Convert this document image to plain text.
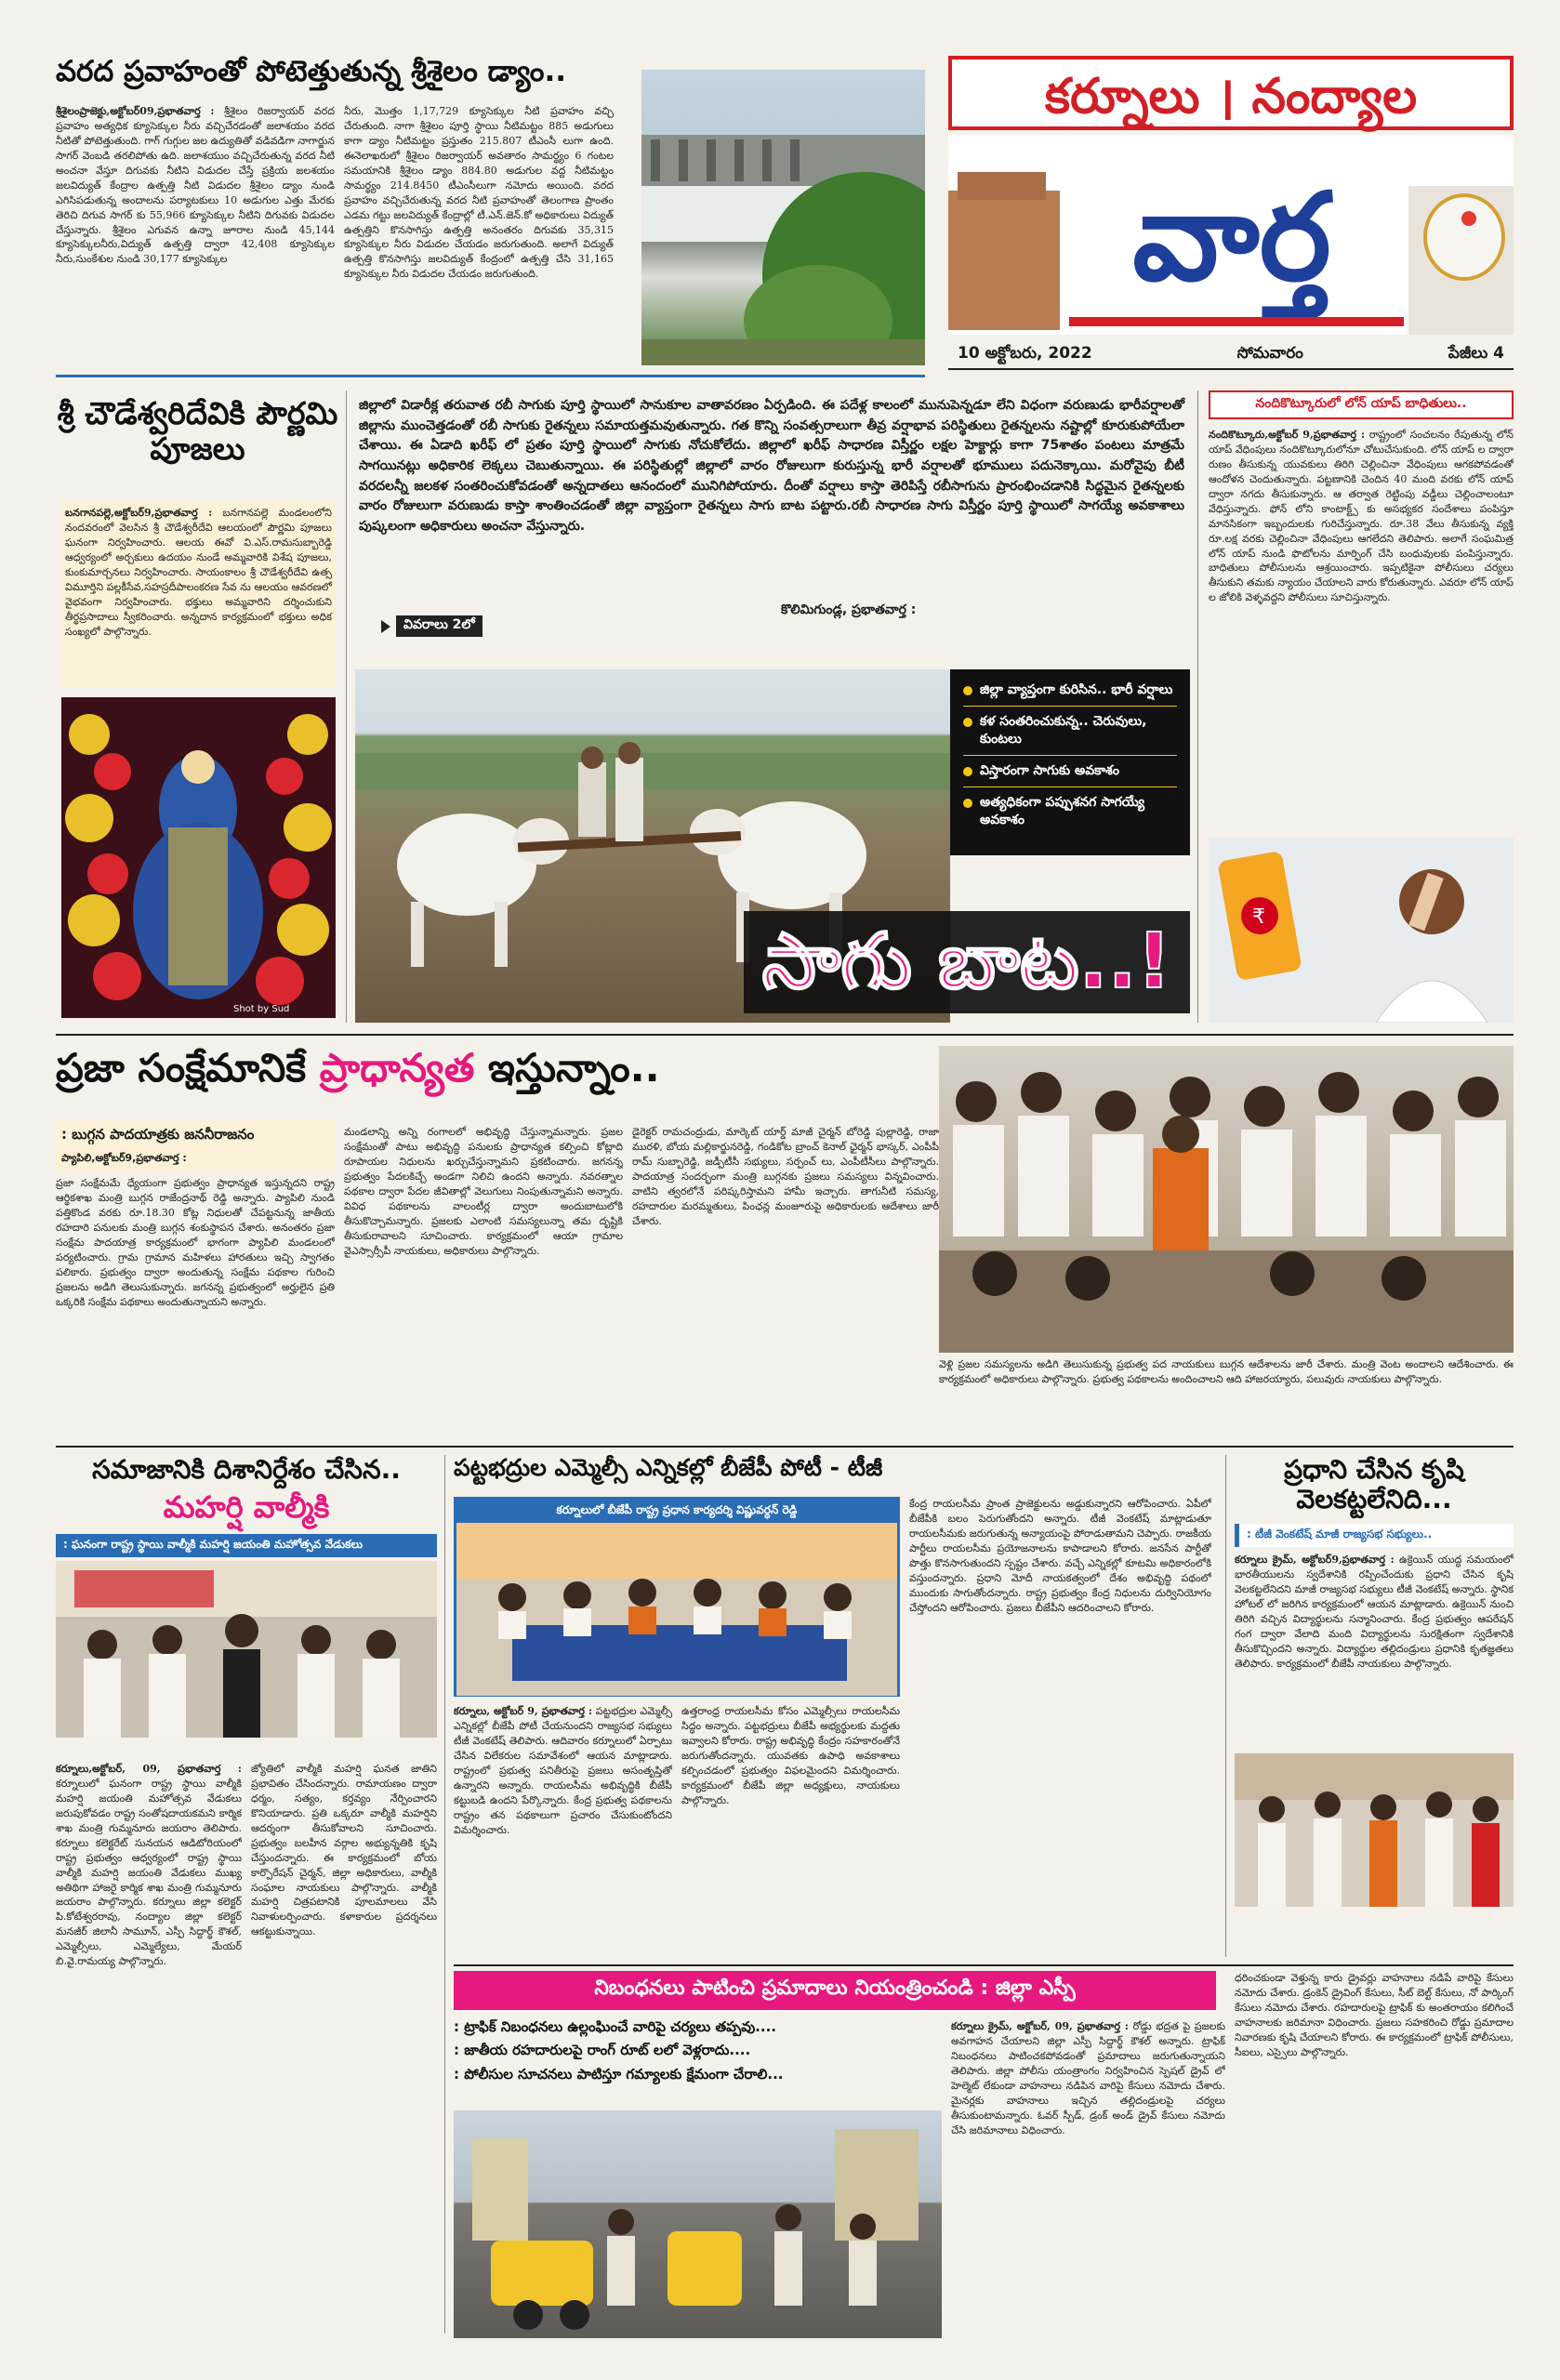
వరద ప్రవాహంతో పోటెత్తుతున్న శ్రీశైలం డ్యాం..
శ్రీశైలంప్రాజెక్టు,అక్టోబర్09,ప్రభాతవార్త : శ్రీశైలం రిజర్వాయర్ వరద ప్రవాహం అత్యధిక క్యూసెక్కుల నీరు వచ్చిచేరడంతో జలాశయం వరద నీటితో పోటెత్తుతుంది. గాగ్ గుగ్గుల జల ఉద్యుతితో వడివడిగా నాగార్జున సాగర్ వెంబడి తరలిపోతు ఉది. జలాశయుం వచ్చిచేరుతున్న వరద నీటి అంచనా వేస్తూ దిగువకు నీటిని విడుదల చేస్తే ప్రక్రియ జలశయం జలవిద్యుత్ కేంద్రాల ఉత్పత్తి నీటి విడుదల శ్రీశైలం డ్యాం నుండి ఎగిసిపడుతున్న అందాలను పర్యాటకులు 10 అడుగుల ఎత్తు మేరకు తెరిచి దిగువ సాగర్ కు 55,966 క్యూసెక్కుల నీటిని దిగువకు విడుదల చేస్తున్నారు. శ్రీశైలం ఎగువన ఉన్నా జూరాల నుండి 45,144 క్యూసెక్కులనీరు,విద్యుత్ ఉత్పత్తి ద్వారా 42,408 క్యూసెక్కుల నీరు,సుంకేశుల నుండి 30,177 క్యూసెక్కుల
నీరు, మొత్తం 1,17,729 క్యూసెక్కుల నీటి ప్రవాహం వచ్చి చేరుతుంది. నాగా శ్రీశైలం పూర్తి స్థాయి నీటిమట్టం 885 అడుగులు కాగా డ్యాం నీటిమట్టం ప్రస్తుతం 215.807 టీఎంసీ లుగా ఉంది. ఈనెలాఖరులో శ్రీశైలం రిజర్వాయర్ అవతారం సామర్థ్యం 6 గంటల సమయానికి శ్రీశైలం డ్యాం 884.80 అడుగుల వద్ద నీటిమట్టం సామర్థ్యం 214.8450 టీఎంసీలుగా నమోదు అయింది. వరద ప్రవాహం వచ్చిచేరుతున్న వరద నీటి ప్రవాహంతో తెలంగాణ ప్రాంతం ఎడమ గట్టు జలవిద్యుత్ కేంద్రాల్లో టీ.ఎన్.జెన్.కో అధికారులు విద్యుత్ ఉత్పత్తిని కొనసాగిస్తు ఉత్పత్తి అనంతరం దిగువకు 35,315 క్యూసెక్కుల నీరు విడుదల చేయడం జరుగుతుంది. అలాగే విద్యుత్ ఉత్పత్తి కొనసాగిస్తు జలవిద్యుత్ కేంద్రంలో ఉత్పత్తి చేసి 31,165 క్యూసెక్కుల నీరు విడుదల చేయడం జరుగుతుంది.
కర్నూలు । నంద్యాల
వార్త
10 అక్టోబరు, 2022	సోమవారం	పేజీలు 4
శ్రీ చౌడేశ్వరిదేవికి పౌర్ణమి పూజలు
బనగానపల్లె,అక్టోబర్9,ప్రభాతవార్త : బనగానపల్లె మండలంలోని నందవరంలో వెలసిన శ్రీ చౌడేశ్వరీదేవి ఆలయంలో పౌర్ణమి పూజలు ఘనంగా నిర్వహించారు. ఆలయ ఈవో వి.ఎస్.రామసుబ్బారెడ్డి ఆధ్వర్యంలో అర్చకులు ఉదయం నుండే అమ్మవారికి విశేష పూజలు, కుంకుమార్చనలు నిర్వహించారు. సాయంకాలం శ్రీ చౌడేశ్వరీదేవి ఉత్స విమూర్తిని పల్లకీసేవ,సహస్రదీపాలంకరణ సేవ ను ఆలయం ఆవరణలో వైభవంగా నిర్వహించారు. భక్తులు అమ్మవారిని దర్శించుకుని తీర్థప్రసాదాలు స్వీకరించారు. అన్నదాన కార్యక్రమంలో భక్తులు అధిక సంఖ్యలో పాల్గొన్నారు.
Shot by Sud
జిల్లాలో విడారీక్ల తరువాత రబీ సాగుకు పూర్తి స్థాయిలో సానుకూల వాతావరణం ఏర్పడింది. ఈ పదేళ్ల కాలంలో మునుపెన్నడూ లేని విధంగా వరుణుడు భారీవర్షాలతో జిల్లాను ముంచెత్తడంతో రబీ సాగుకు రైతన్నలు సమాయత్తమవుతున్నారు. గత కొన్ని సంవత్సరాలుగా తీవ్ర వర్షాభావ పరిస్థితులు రైతన్నలను నష్టాల్లో కూరుకుపోయేలా చేశాయి. ఈ ఏడాది ఖరీఫ్ లో ప్రతం పూర్తి స్థాయిలో సాగుకు నోచుకోలేదు. జిల్లాలో ఖరీఫ్ సాధారణ విస్తీర్ణం లక్షల హెక్టార్లు కాగా 75శాతం పంటలు మాత్రమే సాగయినట్లు అధికారిక లెక్కలు చెబుతున్నాయి. ఈ పరిస్థితుల్లో జిల్లాలో వారం రోజులుగా కురుస్తున్న భారీ వర్షాలతో భూములు పదునెక్కాయి. మరోవైపు బీటీ వరదలన్నీ జలకళ సంతరించుకోవడంతో అన్నదాతలు ఆనందంలో మునిగిపోయారు. దీంతో వర్షాలు కాస్తా తెరిపిస్తే రబీసాగును ప్రారంభించడానికి సిద్ధమైన రైతన్నలకు వారం రోజులుగా వరుణుడు కాస్తా శాంతించడంతో జిల్లా వ్యాప్తంగా రైతన్నలు సాగు బాట పట్టారు.రబీ సాధారణ సాగు విస్తీర్ణం పూర్తి స్థాయిలో సాగయ్యే అవకాశాలు పుష్కలంగా అధికారులు అంచనా వేస్తున్నారు.
వివరాలు 2లో
కొలిమిగుండ్ల, ప్రభాతవార్త :
జిల్లా వ్యాప్తంగా కురిసిన.. భారీ వర్షాలు
కళ సంతరించుకున్న.. చెరువులు, కుంటలు
విస్తారంగా సాగుకు అవకాశం
అత్యధికంగా పప్పుశనగ సాగయ్యే అవకాశం
సాగు బాట..!
నందికొట్కూరులో లోన్ యాప్ బాధితులు..
నందికొట్కూరు,అక్టోబర్ 9,ప్రభాతవార్త : రాష్ట్రంలో సంచలనం రేపుతున్న లోన్ యాప్ వేధింపులు నందికొట్కూరులోనూ చోటుచేసుకుంది. లోన్ యాప్ ల ద్వారా రుణం తీసుకున్న యువకులు తిరిగి చెల్లించినా వేధింపులు ఆగకపోవడంతో ఆందోళన చెందుతున్నారు. పట్టణానికి చెందిన 40 మంది వరకు లోన్ యాప్ ద్వారా నగదు తీసుకున్నారు. ఆ తర్వాత రెట్టింపు వడ్డీలు చెల్లించాలంటూ వేధిస్తున్నారు. ఫోన్ లోని కాంటాక్ట్స్ కు అసభ్యకర సందేశాలు పంపిస్తూ మానసికంగా ఇబ్బందులకు గురిచేస్తున్నారు. రూ.38 వేలు తీసుకున్న వ్యక్తి రూ.లక్ష వరకు చెల్లించినా వేధింపులు ఆగలేదని తెలిపారు. అలాగే సంఘమిత్ర లోన్ యాప్ నుండి ఫొటోలను మార్ఫింగ్ చేసి బంధువులకు పంపిస్తున్నారు. బాధితులు పోలీసులను ఆశ్రయించారు. ఇప్పటికైనా పోలీసులు చర్యలు తీసుకుని తమకు న్యాయం చేయాలని వారు కోరుతున్నారు. ఎవరూ లోన్ యాప్ ల జోలికి వెళ్ళవద్దని పోలీసులు సూచిస్తున్నారు.
₹
ప్రజా సంక్షేమానికే ప్రాధాన్యత ఇస్తున్నాం..
: బుగ్గన పాదయాత్రకు జననీరాజనం
ప్యాపిలి,అక్టోబర్9,ప్రభాతవార్త :
ప్రజా సంక్షేమమే ధ్యేయంగా ప్రభుత్వం ప్రాధాన్యత ఇస్తున్నదని రాష్ట్ర ఆర్థికశాఖ మంత్రి బుగ్గన రాజేంద్రనాథ్ రెడ్డి అన్నారు. ప్యాపిలి నుండి పత్తికొండ వరకు రూ.18.30 కోట్ల నిధులతో చేపట్టనున్న జాతీయ రహదారి పనులకు మంత్రి బుగ్గన శంకుస్థాపన చేశారు. అనంతరం ప్రజా సంక్షేమ పాదయాత్ర కార్యక్రమంలో భాగంగా ప్యాపిలి మండలంలో పర్యటించారు. గ్రామ గ్రామాన మహిళలు హారతులు ఇచ్చి స్వాగతం పలికారు. ప్రభుత్వం ద్వారా అందుతున్న సంక్షేమ పథకాల గురించి ప్రజలను అడిగి తెలుసుకున్నారు. జగనన్న ప్రభుత్వంలో అర్హులైన ప్రతి ఒక్కరికి సంక్షేమ పథకాలు అందుతున్నాయని అన్నారు.
మండలాన్ని అన్ని రంగాలలో అభివృద్ధి చేస్తున్నామన్నారు. ప్రజల సంక్షేమంతో పాటు అభివృద్ధి పనులకు ప్రాధాన్యత కల్పించి కోట్లాది రూపాయల నిధులను ఖర్చుచేస్తున్నామని ప్రకటించారు. జగనన్న ప్రభుత్వం పేదలకిచ్చే అండగా నిలిచి ఉందని అన్నారు. నవరత్నాల పథకాల ద్వారా పేదల జీవితాల్లో వెలుగులు నింపుతున్నామని అన్నారు. వివిధ పథకాలను వాలంటీర్ల ద్వారా అందుబాటులోకి తీసుకొచ్చామన్నారు. ప్రజలకు ఎలాంటి సమస్యలున్నా తమ దృష్టికి తీసుకురావాలని సూచించారు. కార్యక్రమంలో ఆయా గ్రామాల వైఎస్సార్సీపీ నాయకులు, అధికారులు పాల్గొన్నారు.
డైరెక్టర్ రామచంద్రుడు, మార్కెట్ యార్డ్ మాజీ చైర్మన్ బోరెడ్డి పుల్లారెడ్డి, రాజా మురళి, బోయ మల్లికార్జునరెడ్డి, గండికోట బ్రాంచ్ కెనాల్ ఛైర్మన్ భాస్కర్, ఎంపీపీ రామ్ సుబ్బారెడ్డి, జడ్పీటీసీ సభ్యులు, సర్పంచ్ లు, ఎంపీటీసీలు పాల్గొన్నారు. పాదయాత్ర సందర్భంగా మంత్రి బుగ్గనకు ప్రజలు సమస్యలు విన్నవించారు. వాటిని త్వరలోనే పరిష్కరిస్తామని హామీ ఇచ్చారు. తాగునీటి సమస్య, రహదారుల మరమ్మతులు, పింఛన్ల మంజూరుపై అధికారులకు ఆదేశాలు జారీ చేశారు.
వెళ్లి ప్రజల సమస్యలను అడిగి తెలుసుకున్న ప్రభుత్వ పద నాయకులు బుగ్గన ఆదేశాలను జారీ చేశారు. మంత్రి వెంట అందాలని ఆదేశించారు. ఈ కార్యక్రమంలో అధికారులు పాల్గొన్నారు. ప్రభుత్వ పథకాలను అందించాలని ఆది హాజరయ్యారు, పలువురు నాయకులు పాల్గొన్నారు.
సమాజానికి దిశానిర్దేశం చేసిన..
మహర్షి వాల్మీకి
: ఘనంగా రాష్ట్ర స్థాయి వాల్మీకి మహర్షి జయంతి మహోత్సవ వేడుకలు
కర్నూలు,అక్టోబర్, 09, ప్రభాతవార్త : కర్నూలులో ఘనంగా రాష్ట్ర స్థాయి వాల్మీకి మహర్షి జయంతి మహోత్సవ వేడుకలు జరుపుకోవడం రాష్ట్ర సంతోషదాయకమని కార్మిక శాఖ మంత్రి గుమ్మనూరు జయరాం తెలిపారు. కర్నూలు కలెక్టరేట్ సునయన ఆడిటోరియంలో రాష్ట్ర ప్రభుత్వం ఆధ్వర్యంలో రాష్ట్ర స్థాయి వాల్మీకి మహర్షి జయంతి వేడుకలు ముఖ్య అతిథిగా హాజరై కార్మిక శాఖ మంత్రి గుమ్మనూరు జయరాం పాల్గొన్నారు. కర్నూలు జిల్లా కలెక్టర్ పి.కోటేశ్వరరావు, నంద్యాల జిల్లా కలెక్టర్ మనజీర్ జిలానీ సామూన్, ఎస్పీ సిద్దార్థ్ కౌశల్, ఎమ్మెల్సీలు, ఎమ్మెల్యేలు, మేయర్ బి.వై.రామయ్య పాల్గొన్నారు.
జ్యోతిలో వాల్మీకి మహర్షి ఘనత జాతిని ప్రభావితం చేసిందన్నారు. రామాయణం ద్వారా ధర్మం, సత్యం, కర్తవ్యం నేర్పించారని కొనియాడారు. ప్రతి ఒక్కరూ వాల్మీకి మహర్షిని ఆదర్శంగా తీసుకోవాలని సూచించారు. ప్రభుత్వం బలహీన వర్గాల అభ్యున్నతికి కృషి చేస్తుందన్నారు. ఈ కార్యక్రమంలో బోయ కార్పొరేషన్ చైర్మన్, జిల్లా అధికారులు, వాల్మీకి సంఘాల నాయకులు పాల్గొన్నారు. వాల్మీకి మహర్షి చిత్రపటానికి పూలమాలలు వేసి నివాళులర్పించారు. కళాకారుల ప్రదర్శనలు ఆకట్టుకున్నాయి.
పట్టభద్రుల ఎమ్మెల్సీ ఎన్నికల్లో బీజేపీ పోటీ - టీజీ
కర్నూలులో బీజేపీ రాష్ట్ర ప్రధాన కార్యదర్శి విష్ణువర్ధన్ రెడ్డి
కర్నూలు, అక్టోబర్ 9, ప్రభాతవార్త : పట్టభద్రుల ఎమ్మెల్సీ ఎన్నికల్లో బీజేపీ పోటీ చేయనుందని రాజ్యసభ సభ్యులు టీజీ వెంకటేష్ తెలిపారు. ఆదివారం కర్నూలులో ఏర్పాటు చేసిన విలేకరుల సమావేశంలో ఆయన మాట్లాడారు. రాష్ట్రంలో ప్రభుత్వ పనితీరుపై ప్రజలు అసంతృప్తితో ఉన్నారని అన్నారు. రాయలసీమ అభివృద్ధికి బీజేపీ కట్టుబడి ఉందని పేర్కొన్నారు. కేంద్ర ప్రభుత్వ పథకాలను రాష్ట్రం తన పథకాలుగా ప్రచారం చేసుకుంటోందని విమర్శించారు.
ఉత్తరాంధ్ర రాయలసీమ కోసం ఎమ్మెల్సీలు రాయలసీమ సిద్ధం అన్నారు. పట్టభద్రులు బీజేపీ అభ్యర్థులకు మద్దతు ఇవ్వాలని కోరారు. రాష్ట్ర అభివృద్ధి కేంద్రం సహకారంతోనే జరుగుతోందన్నారు. యువతకు ఉపాధి అవకాశాలు కల్పించడంలో ప్రభుత్వం విఫలమైందని విమర్శించారు. కార్యక్రమంలో బీజేపీ జిల్లా అధ్యక్షులు, నాయకులు పాల్గొన్నారు.
కేంద్ర రాయలసీమ ప్రాంత ప్రాజెక్టులను అడ్డుకున్నారని ఆరోపించారు. ఏపీలో బీజేపీకి బలం పెరుగుతోందని అన్నారు. టీజీ వెంకటేష్ మాట్లాడుతూ రాయలసీమకు జరుగుతున్న అన్యాయంపై పోరాడుతామని చెప్పారు. రాజకీయ పార్టీలు రాయలసీమ ప్రయోజనాలను కాపాడాలని కోరారు. జనసేన పార్టీతో పొత్తు కొనసాగుతుందని స్పష్టం చేశారు. వచ్చే ఎన్నికల్లో కూటమి అధికారంలోకి వస్తుందన్నారు. ప్రధాని మోదీ నాయకత్వంలో దేశం అభివృద్ధి పథంలో ముందుకు సాగుతోందన్నారు. రాష్ట్ర ప్రభుత్వం కేంద్ర నిధులను దుర్వినియోగం చేస్తోందని ఆరోపించారు. ప్రజలు బీజేపీని ఆదరించాలని కోరారు.
ప్రధాని చేసిన కృషి వెలకట్టలేనిది...
: టీజీ వెంకటేష్ మాజీ రాజ్యసభ సభ్యులు..
కర్నూలు క్రైమ్, అక్టోబర్9,ప్రభాతవార్త : ఉక్రెయిన్ యుద్ధ సమయంలో భారతీయులను స్వదేశానికి రప్పించేందుకు ప్రధాని చేసిన కృషి వెలకట్టలేనిదని మాజీ రాజ్యసభ సభ్యులు టీజీ వెంకటేష్ అన్నారు. స్థానిక హోటల్ లో జరిగిన కార్యక్రమంలో ఆయన మాట్లాడారు. ఉక్రెయిన్ నుంచి తిరిగి వచ్చిన విద్యార్థులను సన్మానించారు. కేంద్ర ప్రభుత్వం ఆపరేషన్ గంగ ద్వారా వేలాది మంది విద్యార్థులను సురక్షితంగా స్వదేశానికి తీసుకొచ్చిందని అన్నారు. విద్యార్థుల తల్లిదండ్రులు ప్రధానికి కృతజ్ఞతలు తెలిపారు. కార్యక్రమంలో బీజేపీ నాయకులు పాల్గొన్నారు.
నిబంధనలు పాటించి ప్రమాదాలు నియంత్రించండి : జిల్లా ఎస్పీ
: ట్రాఫిక్ నిబంధనలు ఉల్లంఘించే వారిపై చర్యలు తప్పవు....
: జాతీయ రహదారులపై రాంగ్ రూట్ లలో వెళ్లరాదు....
: పోలీసుల సూచనలు పాటిస్తూ గమ్యాలకు క్షేమంగా చేరాలి...
కర్నూలు క్రైమ్, అక్టోబర్, 09, ప్రభాతవార్త : రోడ్డు భద్రత పై ప్రజలకు అవగాహన చేయాలని జిల్లా ఎస్పీ సిద్దార్థ్ కౌశల్ అన్నారు. ట్రాఫిక్ నిబంధనలు పాటించకపోవడంతో ప్రమాదాలు జరుగుతున్నాయని తెలిపారు. జిల్లా పోలీసు యంత్రాంగం నిర్వహించిన స్పెషల్ డ్రైవ్ లో హెల్మెట్ లేకుండా వాహనాలు నడిపిన వారిపై కేసులు నమోదు చేశారు. మైనర్లకు వాహనాలు ఇచ్చిన తల్లిదండ్రులపై చర్యలు తీసుకుంటామన్నారు. ఓవర్ స్పీడ్, డ్రంక్ అండ్ డ్రైవ్ కేసులు నమోదు చేసి జరిమానాలు విధించారు.
ధరించకుండా వెళ్తున్న కారు డ్రైవర్లు వాహనాలు నడిపే వారిపై కేసులు నమోదు చేశారు. డ్రంకెన్ డ్రైవింగ్ కేసులు, సీట్ బెల్ట్ కేసులు, నో పార్కింగ్ కేసులు నమోదు చేశారు. రహదారులపై ట్రాఫిక్ కు అంతరాయం కలిగించే వాహనాలకు జరిమానా విధించారు. ప్రజలు సహకరించి రోడ్డు ప్రమాదాల నివారణకు కృషి చేయాలని కోరారు. ఈ కార్యక్రమంలో ట్రాఫిక్ పోలీసులు, సీఐలు, ఎస్సైలు పాల్గొన్నారు.
